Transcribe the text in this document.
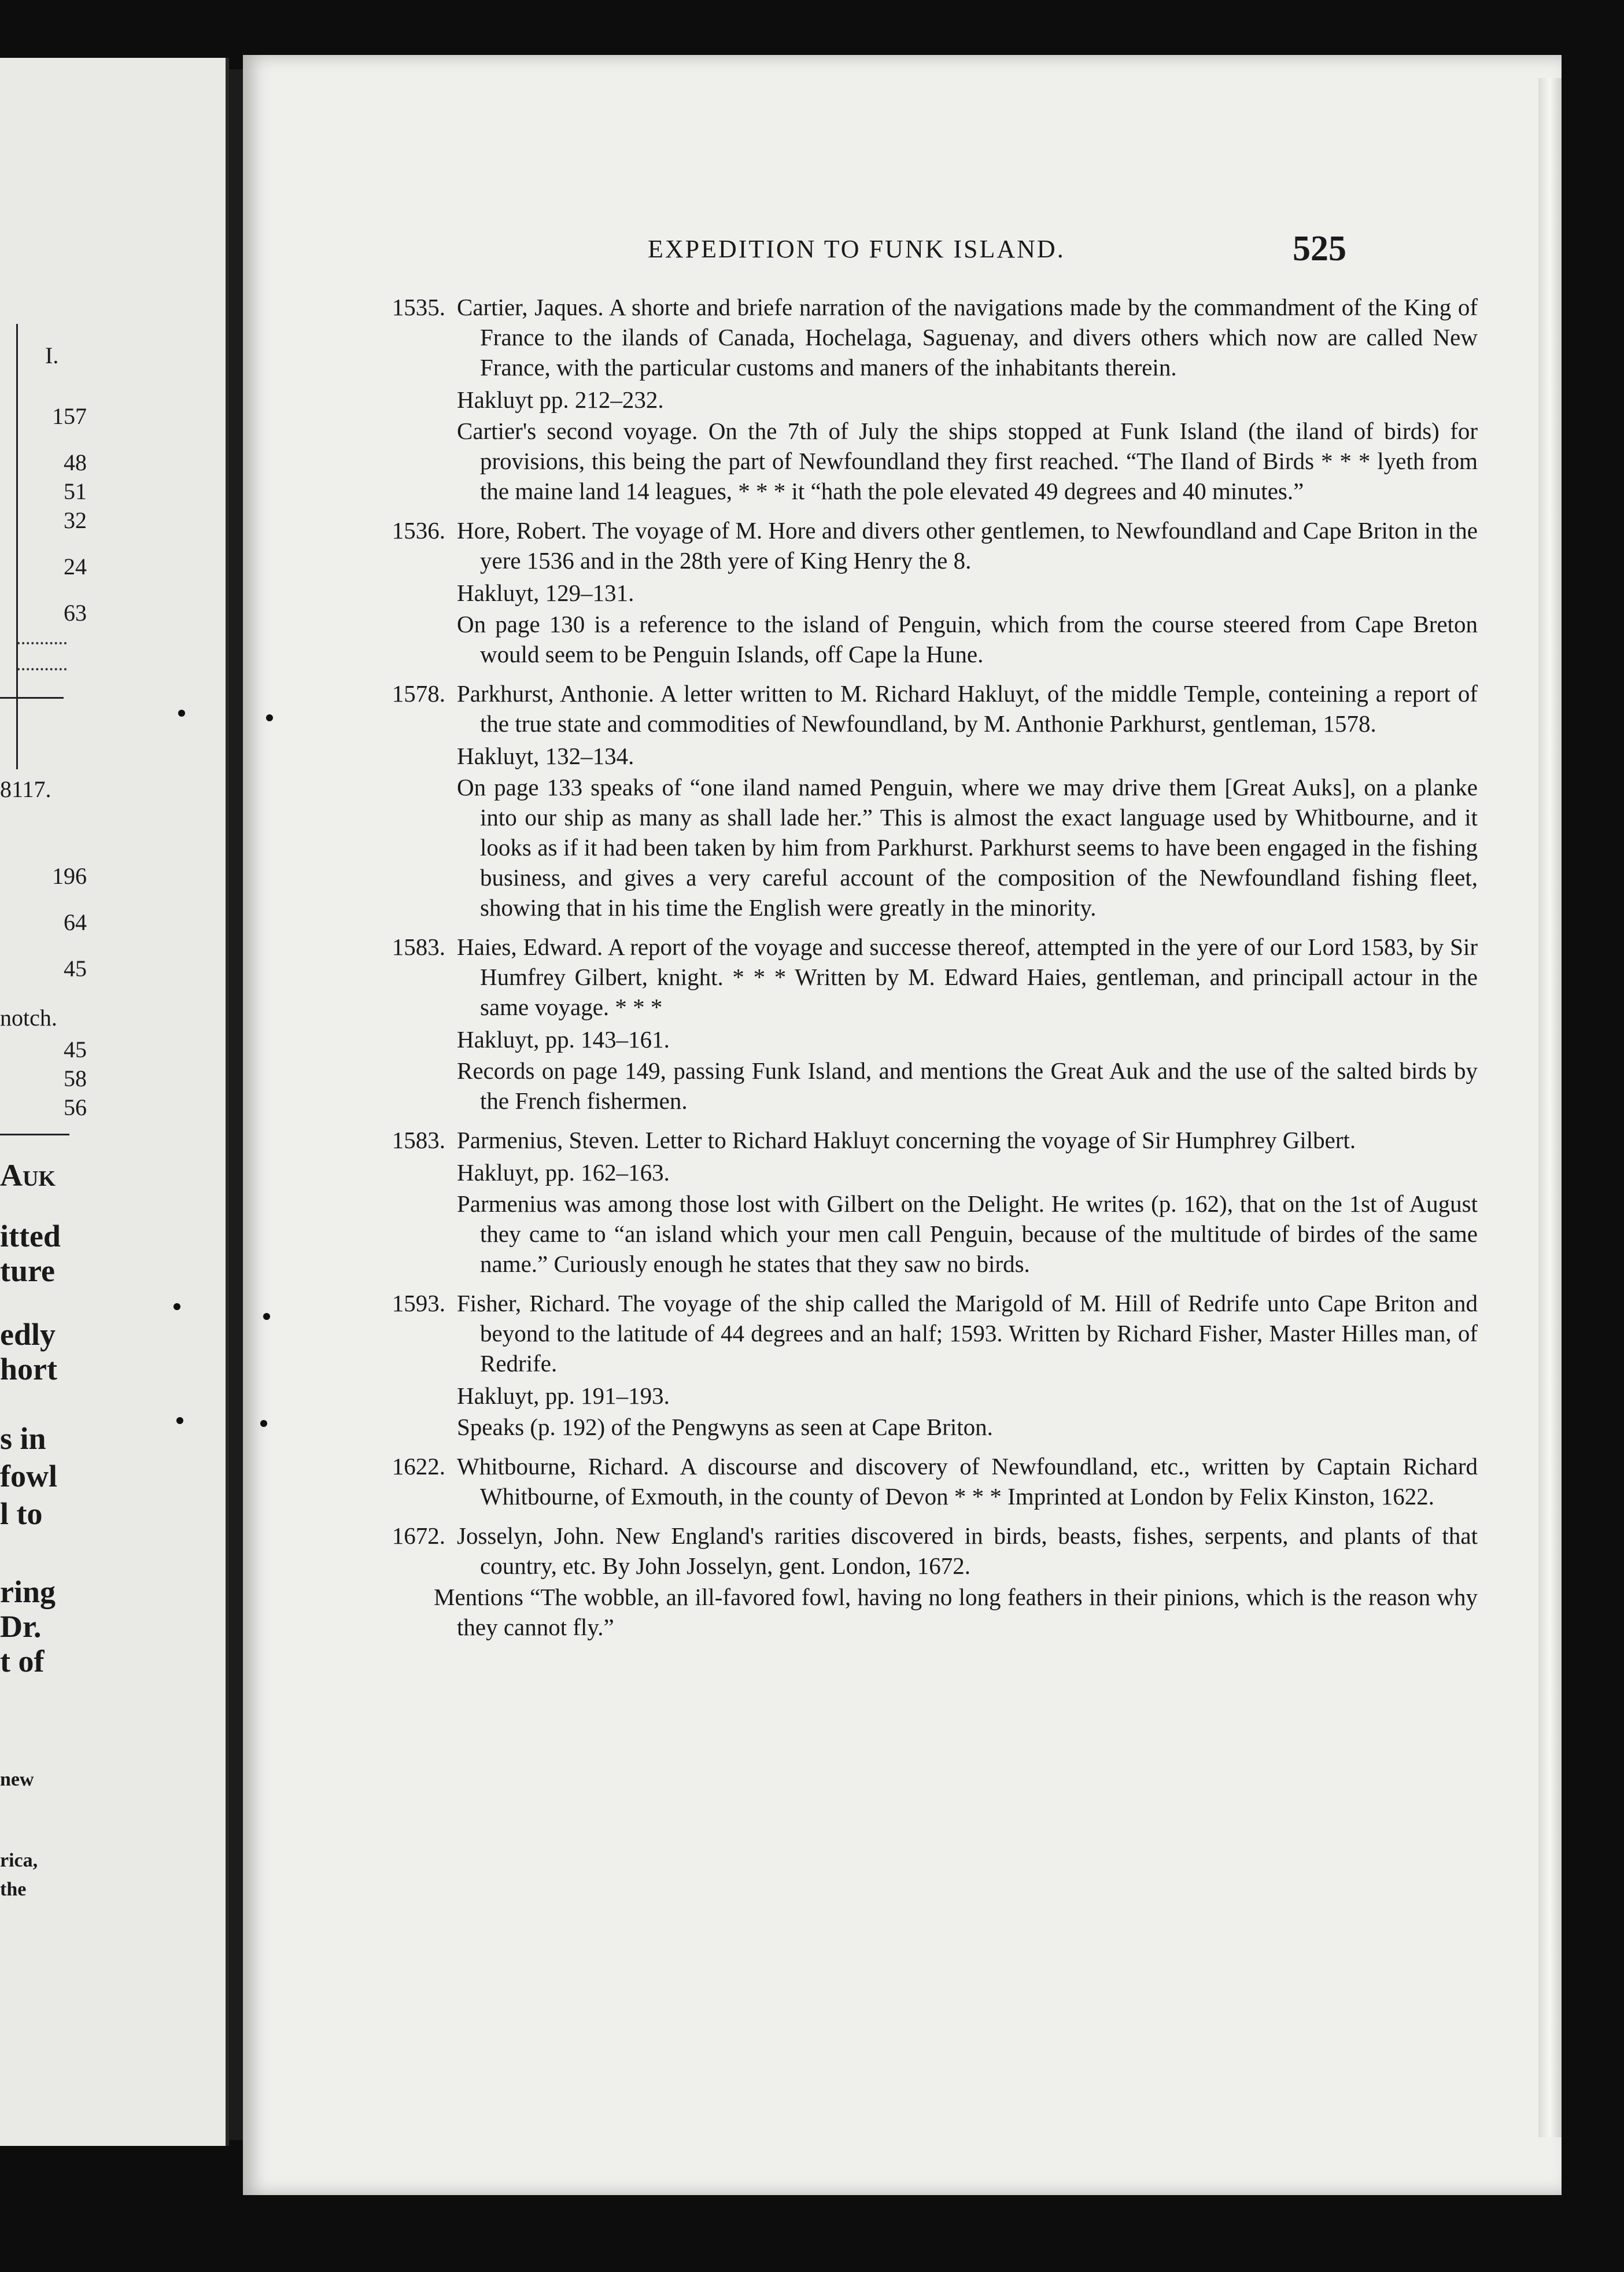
I.
157
48
51
32
24
63
8117.
196
64
45
notch.
45
58
56
Auk
itted
ture
edly
hort
s in
fowl
l to
ring
Dr.
t of
new
rica,
the
EXPEDITION TO FUNK ISLAND.	525
1535. Cartier, Jaques. A shorte and briefe narration of the navigations made by the commandment of the King of France to the ilands of Canada, Hochelaga, Saguenay, and divers others which now are called New France, with the particular customs and maners of the inhabitants therein.
Hakluyt pp. 212–232.
Cartier's second voyage. On the 7th of July the ships stopped at Funk Island (the iland of birds) for provisions, this being the part of Newfoundland they first reached. “The Iland of Birds * * * lyeth from the maine land 14 leagues, * * * it “hath the pole elevated 49 degrees and 40 minutes.”
1536. Hore, Robert. The voyage of M. Hore and divers other gentlemen, to Newfoundland and Cape Briton in the yere 1536 and in the 28th yere of King Henry the 8.
Hakluyt, 129–131.
On page 130 is a reference to the island of Penguin, which from the course steered from Cape Breton would seem to be Penguin Islands, off Cape la Hune.
1578. Parkhurst, Anthonie. A letter written to M. Richard Hakluyt, of the middle Temple, conteining a report of the true state and commodities of Newfoundland, by M. Anthonie Parkhurst, gentleman, 1578.
Hakluyt, 132–134.
On page 133 speaks of “one iland named Penguin, where we may drive them [Great Auks], on a planke into our ship as many as shall lade her.” This is almost the exact language used by Whitbourne, and it looks as if it had been taken by him from Parkhurst. Parkhurst seems to have been engaged in the fishing business, and gives a very careful account of the composition of the Newfoundland fishing fleet, showing that in his time the English were greatly in the minority.
1583. Haies, Edward. A report of the voyage and successe thereof, attempted in the yere of our Lord 1583, by Sir Humfrey Gilbert, knight. * * * Written by M. Edward Haies, gentleman, and principall actour in the same voyage. * * *
Hakluyt, pp. 143–161.
Records on page 149, passing Funk Island, and mentions the Great Auk and the use of the salted birds by the French fishermen.
1583. Parmenius, Steven. Letter to Richard Hakluyt concerning the voyage of Sir Humphrey Gilbert.
Hakluyt, pp. 162–163.
Parmenius was among those lost with Gilbert on the Delight. He writes (p. 162), that on the 1st of August they came to “an island which your men call Penguin, because of the multitude of birdes of the same name.” Curiously enough he states that they saw no birds.
1593. Fisher, Richard. The voyage of the ship called the Marigold of M. Hill of Redrife unto Cape Briton and beyond to the latitude of 44 degrees and an half; 1593. Written by Richard Fisher, Master Hilles man, of Redrife.
Hakluyt, pp. 191–193.
Speaks (p. 192) of the Pengwyns as seen at Cape Briton.
1622. Whitbourne, Richard. A discourse and discovery of Newfoundland, etc., written by Captain Richard Whitbourne, of Exmouth, in the county of Devon * * * Imprinted at London by Felix Kinston, 1622.
1672. Josselyn, John. New England's rarities discovered in birds, beasts, fishes, serpents, and plants of that country, etc. By John Josselyn, gent. London, 1672.
Mentions “The wobble, an ill-favored fowl, having no long feathers in their pinions, which is the reason why they cannot fly.”
